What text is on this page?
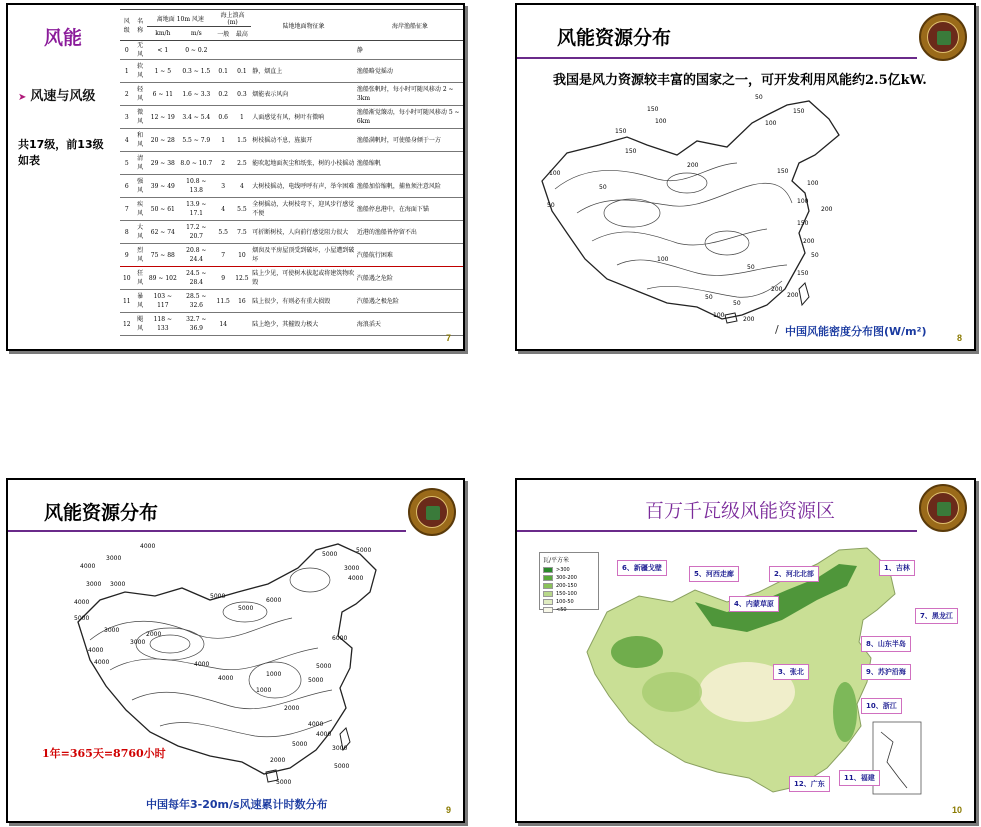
风能
➤ 风速与风级
共17级，前13级如表
风级	名称	离地面 10m 风速		海上浪高 (m)		陆地地面物征象	海岸渔船征象
		km/h	m/s	一般	最高		
0	无风	< 1	0 ~ 0.2				静
1	软风	1 ~ 5	0.3 ~ 1.5	0.1	0.1	静，烟直上	渔船略觉摇动
2	轻风	6 ~ 11	1.6 ~ 3.3	0.2	0.3	烟能表示风向	渔船张帆时，每小时可随风移动 2 ~ 3km
3	微风	12 ~ 19	3.4 ~ 5.4	0.6	1	人面感觉有风，树叶有微响	渔船渐觉簸动，每小时可随风移动 5 ~ 6km
4	和风	20 ~ 28	5.5 ~ 7.9	1	1.5	树枝摇动不息，旌旗开	渔船满帆时，可使船身倾于一方
5	清风	29 ~ 38	8.0 ~ 10.7	2	2.5	能吹起地面灰尘和纸张，树的小枝摇动	渔船缩帆
6	强风	39 ~ 49	10.8 ~ 13.8	3	4	大树枝摇动，电线呼呼有声，举伞困难	渔船加倍缩帆，捕鱼须注意风险
7	疾风	50 ~ 61	13.9 ~ 17.1	4	5.5	全树摇动，大树枝弯下，迎风步行感觉不便	渔船停息港中，在海面下锚
8	大风	62 ~ 74	17.2 ~ 20.7	5.5	7.5	可折断树枝，人向前行感觉阻力很大	近港的渔船皆停留不出
9	烈风	75 ~ 88	20.8 ~ 24.4	7	10	烟囱及平房屋顶受到破坏，小屋遭到破坏	汽船航行困难
10	狂风	89 ~ 102	24.5 ~ 28.4	9	12.5	陆上少见，可使树木拔起或将建筑物吹毁	汽船遇之危险
11	暴风	103 ~ 117	28.5 ~ 32.6	11.5	16	陆上很少，有则必有重大损毁	汽船遇之极危险
12	飓风	118 ~ 133	32.7 ~ 36.9	14		陆上绝少，其摧毁力极大	海浪滔天
7
风能资源分布
我国是风力资源较丰富的国家之一，可开发利用风能约2.5亿kW.
50
150
100
150
100
150
100
200
50
150
100
100
200
50
150
200
50
50
150
200
200
50
50
100
200
100
150
/ 中国风能密度分布图(W/m²)	8
风能资源分布
4000
3000
4000
3000 3000
5000
4000
5000
3000
4000
4000
5000
6000
5000
5000
2000
3000
4000
4000
5000
5000
6000
1000
2000
4000
4000
5000
3000
2000
5000
5000
1000
4000
3000
1年=365天=8760小时
中国每年3-20m/s风速累计时数分布	9
百万千瓦级风能资源区
瓦/平方米
>300
300-200
200-150
150-100
100-50
<50
6、新疆戈壁
5、河西走廊	2、河北北部
1、吉林
4、内蒙草原
7、黑龙江
8、山东半岛
3、张北	9、苏沪沿海
10、浙江
12、广东
11、福建
10
